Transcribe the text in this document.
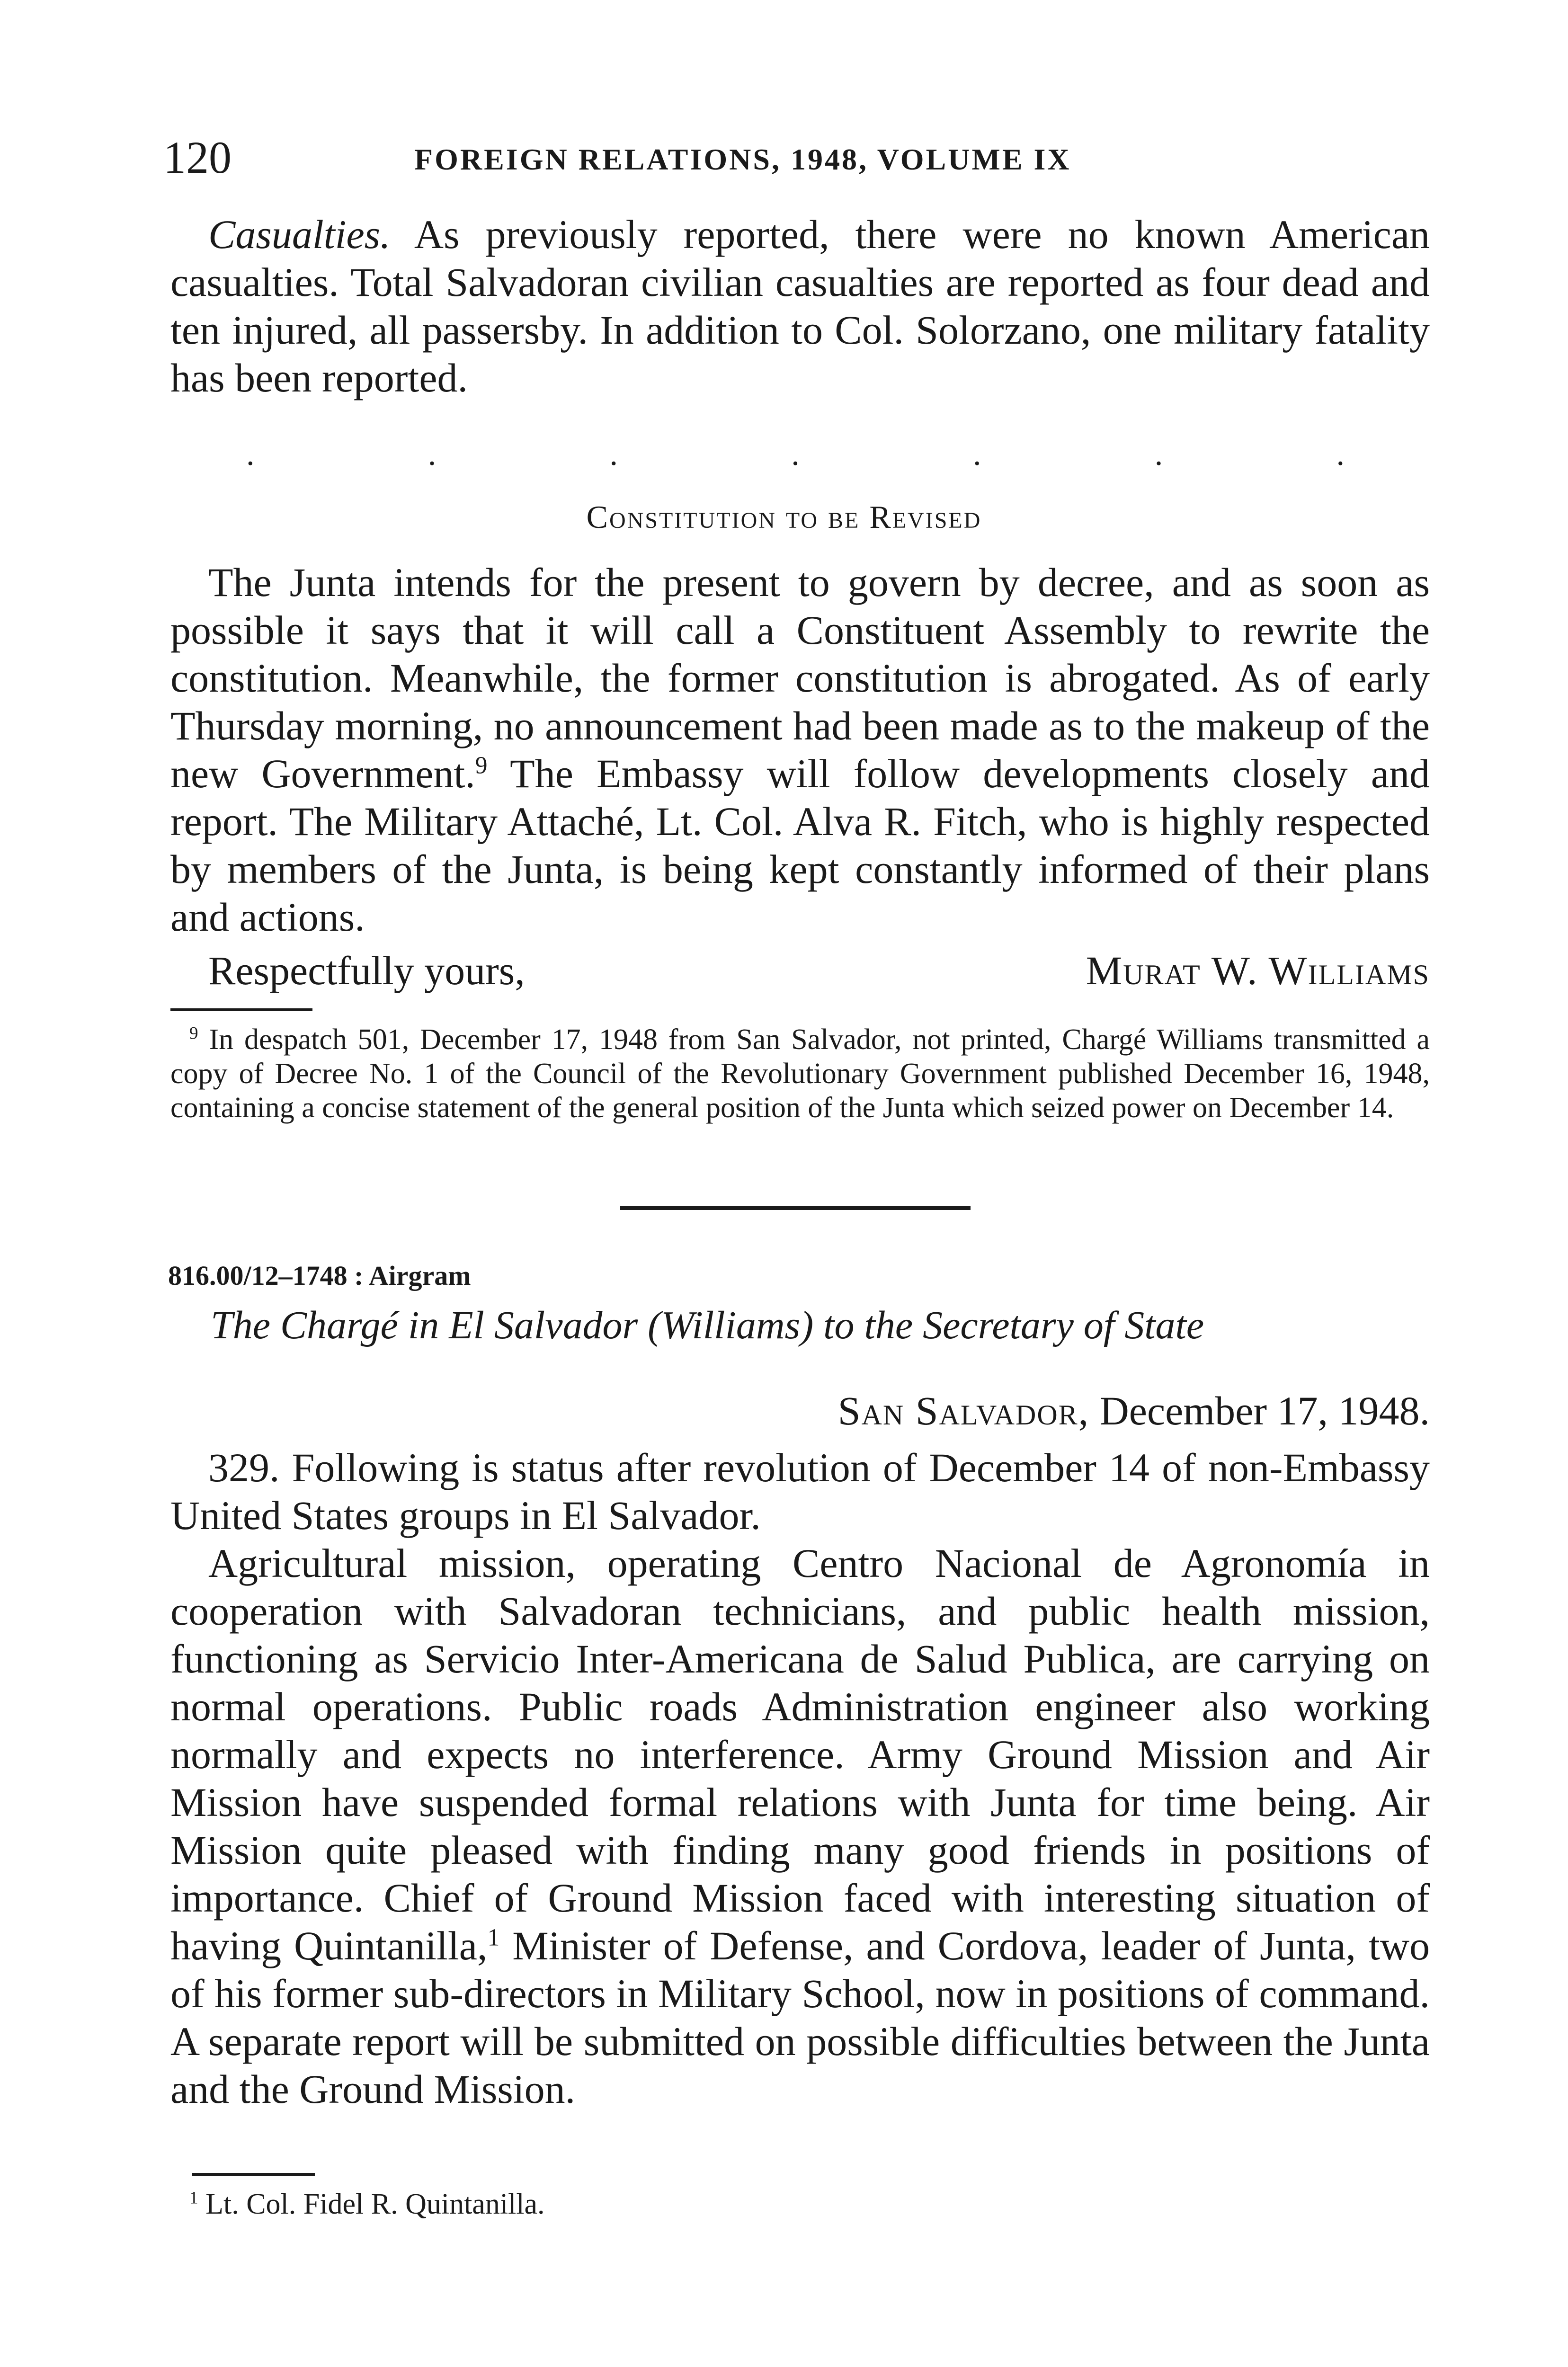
120	FOREIGN RELATIONS, 1948, VOLUME IX

Casualties. As previously reported, there were no known American casualties. Total Salvadoran civilian casualties are reported as four dead and ten injured, all passersby. In addition to Col. Solorzano, one military fatality has been reported.

.	.	.	.	.	.	.
Constitution to be Revised

The Junta intends for the present to govern by decree, and as soon as possible it says that it will call a Constituent Assembly to rewrite the constitution. Meanwhile, the former constitution is abrogated. As of early Thursday morning, no announcement had been made as to the makeup of the new Government.$^9$ The Embassy will follow developments closely and report. The Military Attaché, Lt. Col. Alva R. Fitch, who is highly respected by members of the Junta, is being kept constantly informed of their plans and actions.

Respectfully yours,	Murat W. Williams

$^9$ In despatch 501, December 17, 1948 from San Salvador, not printed, Chargé Williams transmitted a copy of Decree No. 1 of the Council of the Revolutionary Government published December 16, 1948, containing a concise statement of the general position of the Junta which seized power on December 14.

816.00/12–1748 : Airgram
The Chargé in El Salvador (Williams) to the Secretary of State
San Salvador, December 17, 1948.

329. Following is status after revolution of December 14 of non-Embassy United States groups in El Salvador.

Agricultural mission, operating Centro Nacional de Agronomía in cooperation with Salvadoran technicians, and public health mission, functioning as Servicio Inter-Americana de Salud Publica, are carrying on normal operations. Public roads Administration engineer also working normally and expects no interference. Army Ground Mission and Air Mission have suspended formal relations with Junta for time being. Air Mission quite pleased with finding many good friends in positions of importance. Chief of Ground Mission faced with interesting situation of having Quintanilla,$^1$ Minister of Defense, and Cordova, leader of Junta, two of his former sub-directors in Military School, now in positions of command. A separate report will be submitted on possible difficulties between the Junta and the Ground Mission.

$^1$ Lt. Col. Fidel R. Quintanilla.
